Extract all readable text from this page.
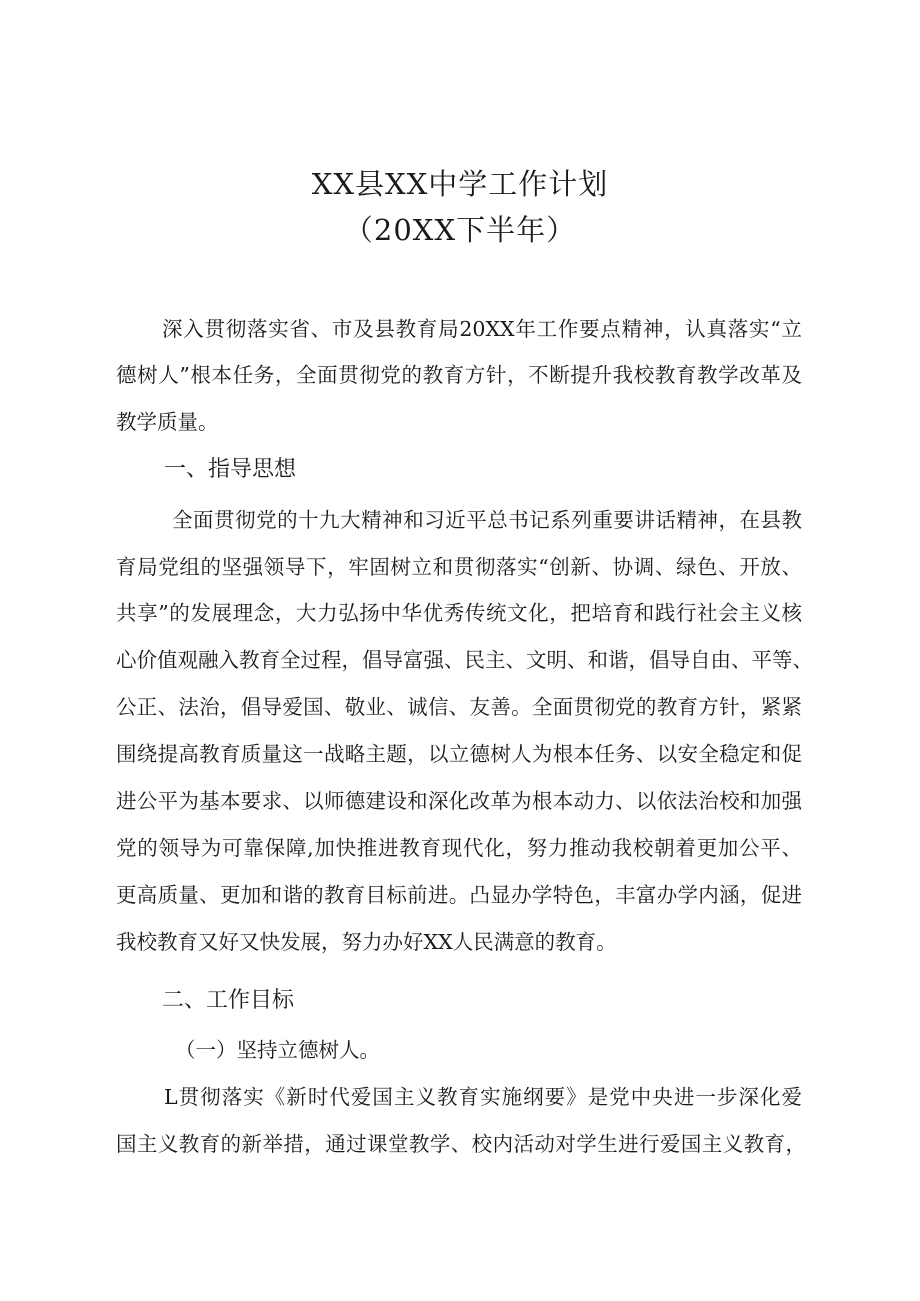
XX县XX中学工作计划
（20XX下半年）
深入贯彻落实省、市及县教育局20XX年工作要点精神，认真落实“立
德树人”根本任务，全面贯彻党的教育方针，不断提升我校教育教学改革及
教学质量。
一、指导思想
全面贯彻党的十九大精神和习近平总书记系列重要讲话精神，在县教
育局党组的坚强领导下，牢固树立和贯彻落实“创新、协调、绿色、开放、
共享”的发展理念，大力弘扬中华优秀传统文化，把培育和践行社会主义核
心价值观融入教育全过程，倡导富强、民主、文明、和谐，倡导自由、平等、
公正、法治，倡导爱国、敬业、诚信、友善。全面贯彻党的教育方针，紧紧
围绕提高教育质量这一战略主题，以立德树人为根本任务、以安全稳定和促
进公平为基本要求、以师德建设和深化改革为根本动力、以依法治校和加强
党的领导为可靠保障,加快推进教育现代化，努力推动我校朝着更加公平、
更高质量、更加和谐的教育目标前进。凸显办学特色，丰富办学内涵，促进
我校教育又好又快发展，努力办好XX人民满意的教育。
二、工作目标
（一）坚持立德树人。
L贯彻落实《新时代爱国主义教育实施纲要》是党中央进一步深化爱
国主义教育的新举措，通过课堂教学、校内活动对学生进行爱国主义教育，
